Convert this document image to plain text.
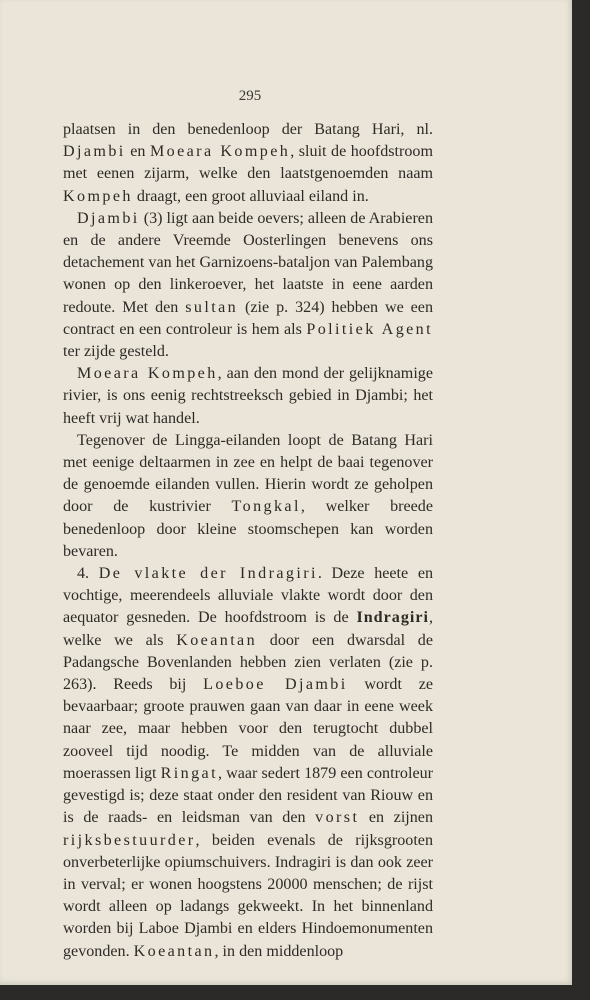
295

plaatsen in den benedenloop der Batang Hari, nl. Djambi en Moeara Kompeh, sluit de hoofdstroom met eenen zijarm, welke den laatstgenoemden naam Kompeh draagt, een groot alluviaal eiland in.

Djambi (3) ligt aan beide oevers; alleen de Arabieren en de andere Vreemde Oosterlingen benevens ons detachement van het Garnizoens-bataljon van Palembang wonen op den linkeroever, het laatste in eene aarden redoute. Met den sultan (zie p. 324) hebben we een contract en een controleur is hem als Politiek Agent ter zijde gesteld.

Moeara Kompeh, aan den mond der gelijknamige rivier, is ons eenig rechtstreeksch gebied in Djambi; het heeft vrij wat handel.

Tegenover de Lingga-eilanden loopt de Batang Hari met eenige deltaarmen in zee en helpt de baai tegenover de genoemde eilanden vullen. Hierin wordt ze geholpen door de kustrivier Tongkal, welker breede benedenloop door kleine stoomschepen kan worden bevaren.

4. De vlakte der Indragiri. Deze heete en vochtige, meerendeels alluviale vlakte wordt door den aequator gesneden. De hoofdstroom is de Indragiri, welke we als Koeantan door een dwarsdal de Padangsche Bovenlanden hebben zien verlaten (zie p. 263). Reeds bij Loeboe Djambi wordt ze bevaarbaar; groote prauwen gaan van daar in eene week naar zee, maar hebben voor den terugtocht dubbel zooveel tijd noodig. Te midden van de alluviale moerassen ligt Ringat, waar sedert 1879 een controleur gevestigd is; deze staat onder den resident van Riouw en is de raads- en leidsman van den vorst en zijnen rijksbestuurder, beiden evenals de rijksgrooten onverbeterlijke opiumschuivers. Indragiri is dan ook zeer in verval; er wonen hoogstens 20000 menschen; de rijst wordt alleen op ladangs gekweekt. In het binnenland worden bij Laboe Djambi en elders Hindoemonumenten gevonden. Koeantan, in den middenloop
